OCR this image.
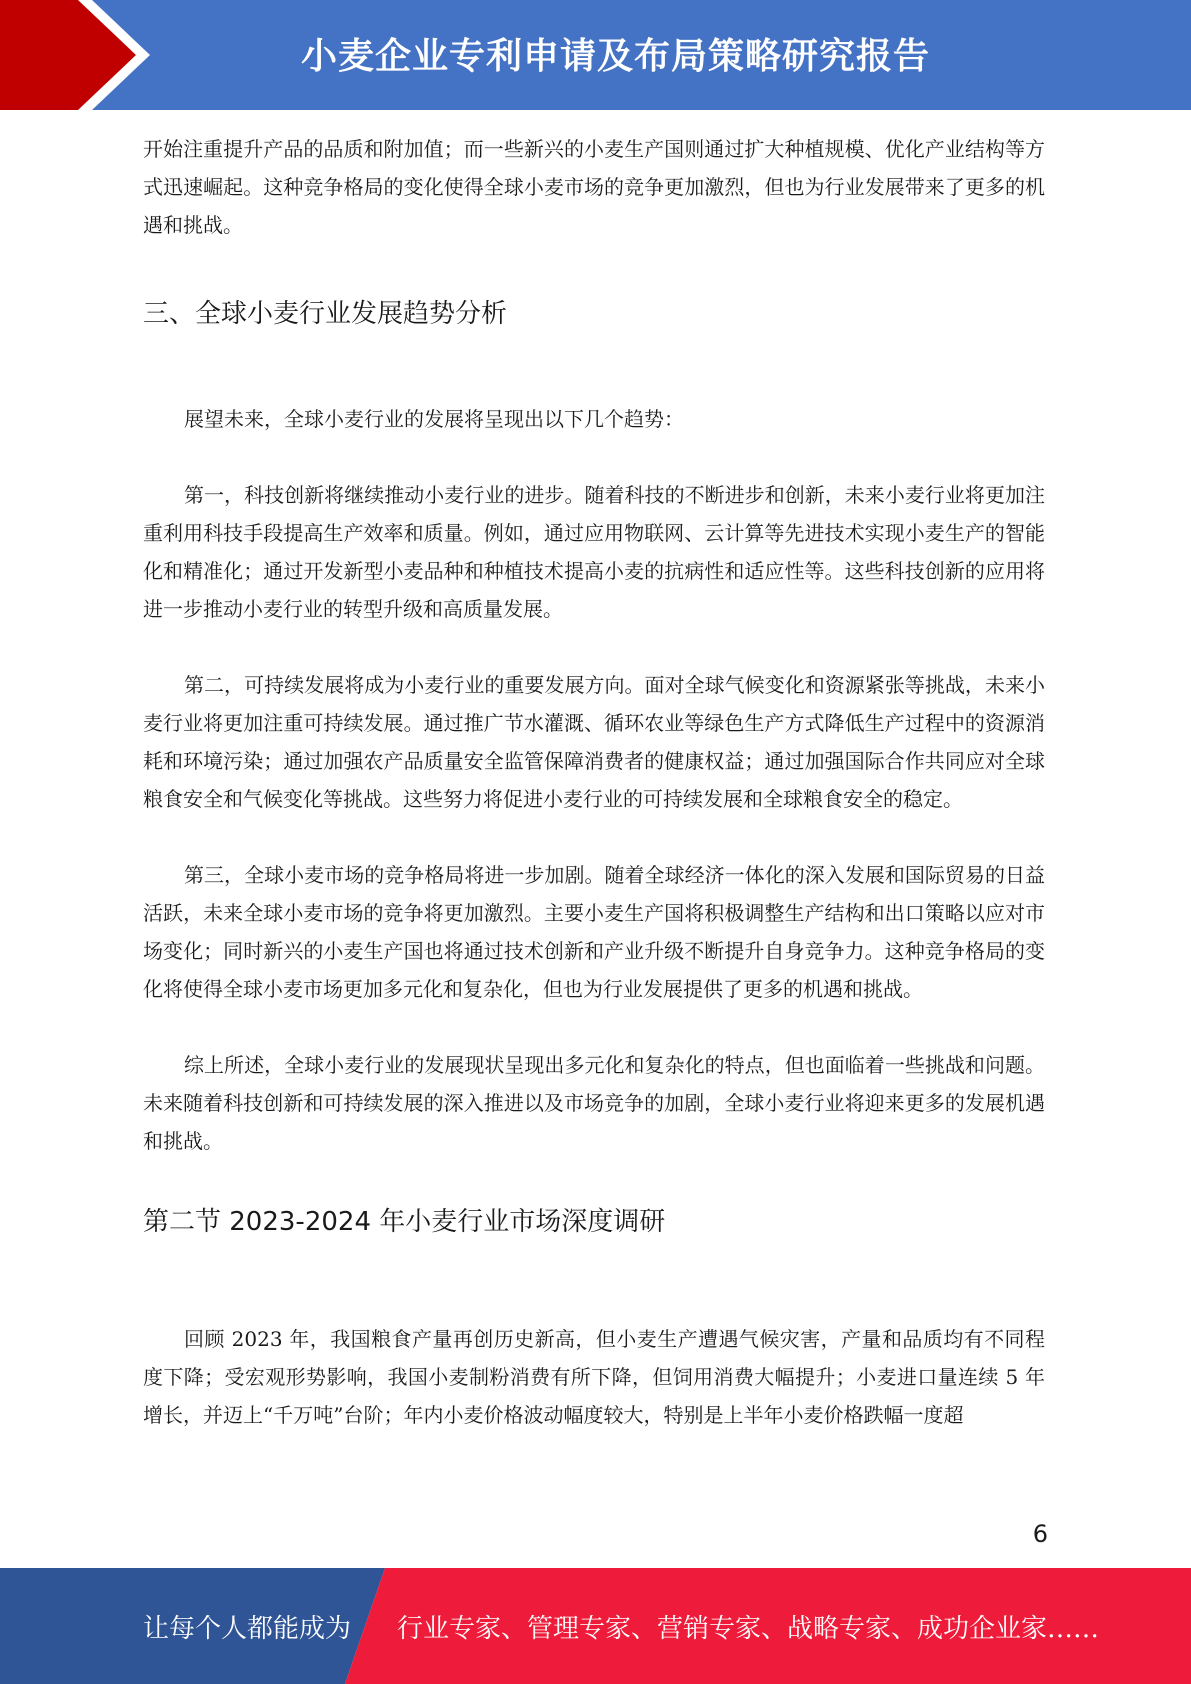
小麦企业专利申请及布局策略研究报告

开始注重提升产品的品质和附加值；而一些新兴的小麦生产国则通过扩大种植规模、优化产业结构等方式迅速崛起。这种竞争格局的变化使得全球小麦市场的竞争更加激烈，但也为行业发展带来了更多的机遇和挑战。

三、全球小麦行业发展趋势分析

展望未来，全球小麦行业的发展将呈现出以下几个趋势：

第一，科技创新将继续推动小麦行业的进步。随着科技的不断进步和创新，未来小麦行业将更加注重利用科技手段提高生产效率和质量。例如，通过应用物联网、云计算等先进技术实现小麦生产的智能化和精准化；通过开发新型小麦品种和种植技术提高小麦的抗病性和适应性等。这些科技创新的应用将进一步推动小麦行业的转型升级和高质量发展。

第二，可持续发展将成为小麦行业的重要发展方向。面对全球气候变化和资源紧张等挑战，未来小麦行业将更加注重可持续发展。通过推广节水灌溉、循环农业等绿色生产方式降低生产过程中的资源消耗和环境污染；通过加强农产品质量安全监管保障消费者的健康权益；通过加强国际合作共同应对全球粮食安全和气候变化等挑战。这些努力将促进小麦行业的可持续发展和全球粮食安全的稳定。

第三，全球小麦市场的竞争格局将进一步加剧。随着全球经济一体化的深入发展和国际贸易的日益活跃，未来全球小麦市场的竞争将更加激烈。主要小麦生产国将积极调整生产结构和出口策略以应对市场变化；同时新兴的小麦生产国也将通过技术创新和产业升级不断提升自身竞争力。这种竞争格局的变化将使得全球小麦市场更加多元化和复杂化，但也为行业发展提供了更多的机遇和挑战。

综上所述，全球小麦行业的发展现状呈现出多元化和复杂化的特点，但也面临着一些挑战和问题。未来随着科技创新和可持续发展的深入推进以及市场竞争的加剧，全球小麦行业将迎来更多的发展机遇和挑战。

第二节 2023-2024 年小麦行业市场深度调研

回顾 2023 年，我国粮食产量再创历史新高，但小麦生产遭遇气候灾害，产量和品质均有不同程度下降；受宏观形势影响，我国小麦制粉消费有所下降，但饲用消费大幅提升；小麦进口量连续 5 年增长，并迈上“千万吨”台阶；年内小麦价格波动幅度较大，特别是上半年小麦价格跌幅一度超

6
让每个人都能成为 行业专家、管理专家、营销专家、战略专家、成功企业家……
